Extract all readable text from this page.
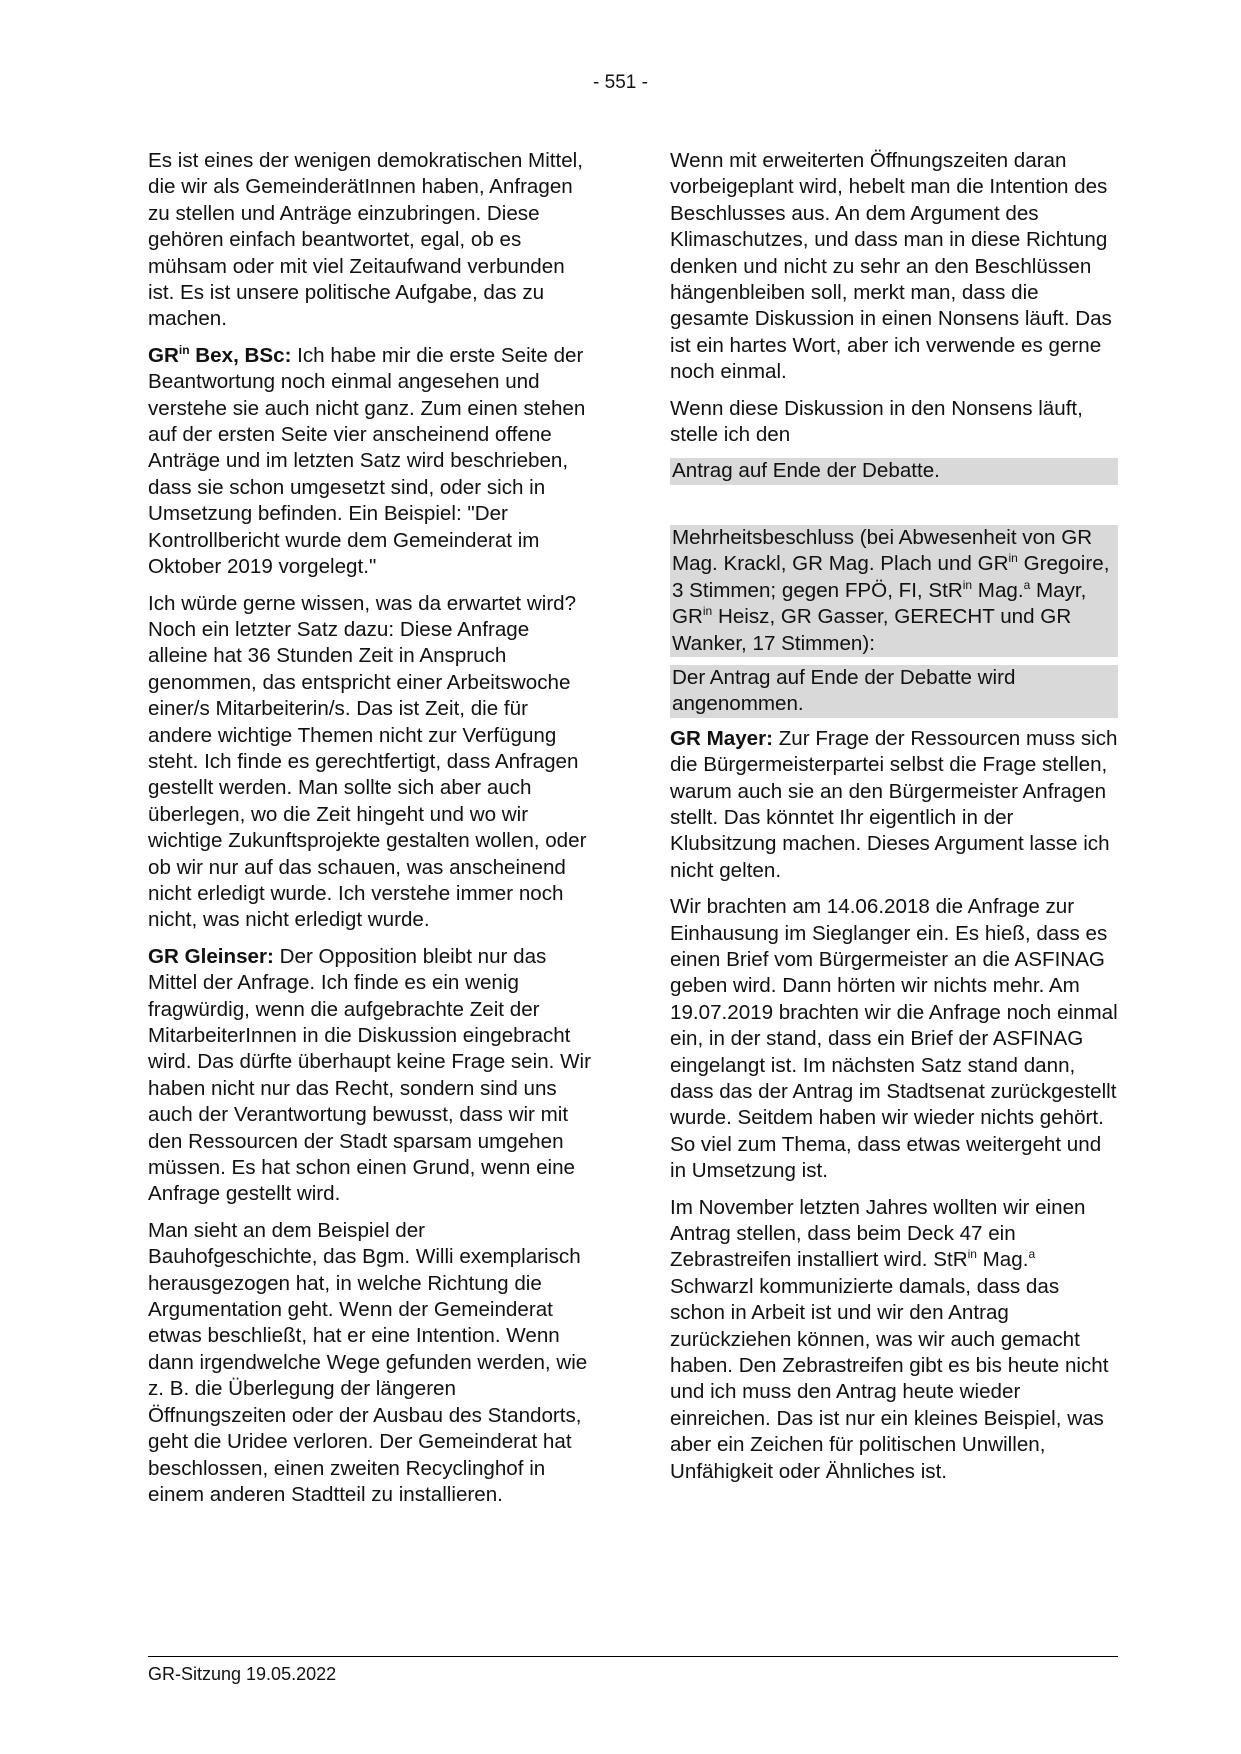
- 551 -

Es ist eines der wenigen demokratischen Mittel, die wir als GemeinderätInnen haben, Anfragen zu stellen und Anträge einzubringen. Diese gehören einfach beantwortet, egal, ob es mühsam oder mit viel Zeitaufwand verbunden ist. Es ist unsere politische Aufgabe, das zu machen.

$GR^{in}$ Bex, BSc: Ich habe mir die erste Seite der Beantwortung noch einmal angesehen und verstehe sie auch nicht ganz. Zum einen stehen auf der ersten Seite vier anscheinend offene Anträge und im letzten Satz wird beschrieben, dass sie schon umgesetzt sind, oder sich in Umsetzung befinden. Ein Beispiel: "Der Kontrollbericht wurde dem Gemeinderat im Oktober 2019 vorgelegt."

Ich würde gerne wissen, was da erwartet wird? Noch ein letzter Satz dazu: Diese Anfrage alleine hat 36 Stunden Zeit in Anspruch genommen, das entspricht einer Arbeitswoche einer/s Mitarbeiterin/s. Das ist Zeit, die für andere wichtige Themen nicht zur Verfügung steht. Ich finde es gerechtfertigt, dass Anfragen gestellt werden. Man sollte sich aber auch überlegen, wo die Zeit hingeht und wo wir wichtige Zukunftsprojekte gestalten wollen, oder ob wir nur auf das schauen, was anscheinend nicht erledigt wurde. Ich verstehe immer noch nicht, was nicht erledigt wurde.

GR Gleinser: Der Opposition bleibt nur das Mittel der Anfrage. Ich finde es ein wenig fragwürdig, wenn die aufgebrachte Zeit der MitarbeiterInnen in die Diskussion eingebracht wird. Das dürfte überhaupt keine Frage sein. Wir haben nicht nur das Recht, sondern sind uns auch der Verantwortung bewusst, dass wir mit den Ressourcen der Stadt sparsam umgehen müssen. Es hat schon einen Grund, wenn eine Anfrage gestellt wird.

Man sieht an dem Beispiel der Bauhofgeschichte, das Bgm. Willi exemplarisch herausgezogen hat, in welche Richtung die Argumentation geht. Wenn der Gemeinderat etwas beschließt, hat er eine Intention. Wenn dann irgendwelche Wege gefunden werden, wie z. B. die Überlegung der längeren Öffnungszeiten oder der Ausbau des Standorts, geht die Uridee verloren. Der Gemeinderat hat beschlossen, einen zweiten Recyclinghof in einem anderen Stadtteil zu installieren.

Wenn mit erweiterten Öffnungszeiten daran vorbeigeplant wird, hebelt man die Intention des Beschlusses aus. An dem Argument des Klimaschutzes, und dass man in diese Richtung denken und nicht zu sehr an den Beschlüssen hängenbleiben soll, merkt man, dass die gesamte Diskussion in einen Nonsens läuft. Das ist ein hartes Wort, aber ich verwende es gerne noch einmal.

Wenn diese Diskussion in den Nonsens läuft, stelle ich den

Antrag auf Ende der Debatte.

Mehrheitsbeschluss (bei Abwesenheit von GR Mag. Krackl, GR Mag. Plach und $GR^{in}$ Gregoire, 3 Stimmen; gegen FPÖ, FI, StR$^{in}$ Mag.$^a$ Mayr, $GR^{in}$ Heisz, GR Gasser, GERECHT und GR Wanker, 17 Stimmen):

Der Antrag auf Ende der Debatte wird angenommen.

GR Mayer: Zur Frage der Ressourcen muss sich die Bürgermeisterpartei selbst die Frage stellen, warum auch sie an den Bürgermeister Anfragen stellt. Das könntet Ihr eigentlich in der Klubsitzung machen. Dieses Argument lasse ich nicht gelten.

Wir brachten am 14.06.2018 die Anfrage zur Einhausung im Sieglanger ein. Es hieß, dass es einen Brief vom Bürgermeister an die ASFINAG geben wird. Dann hörten wir nichts mehr. Am 19.07.2019 brachten wir die Anfrage noch einmal ein, in der stand, dass ein Brief der ASFINAG eingelangt ist. Im nächsten Satz stand dann, dass das der Antrag im Stadtsenat zurückgestellt wurde. Seitdem haben wir wieder nichts gehört. So viel zum Thema, dass etwas weitergeht und in Umsetzung ist.

Im November letzten Jahres wollten wir einen Antrag stellen, dass beim Deck 47 ein Zebrastreifen installiert wird. StR$^{in}$ Mag.$^a$ Schwarzl kommunizierte damals, dass das schon in Arbeit ist und wir den Antrag zurückziehen können, was wir auch gemacht haben. Den Zebrastreifen gibt es bis heute nicht und ich muss den Antrag heute wieder einreichen. Das ist nur ein kleines Beispiel, was aber ein Zeichen für politischen Unwillen, Unfähigkeit oder Ähnliches ist.

GR-Sitzung 19.05.2022
